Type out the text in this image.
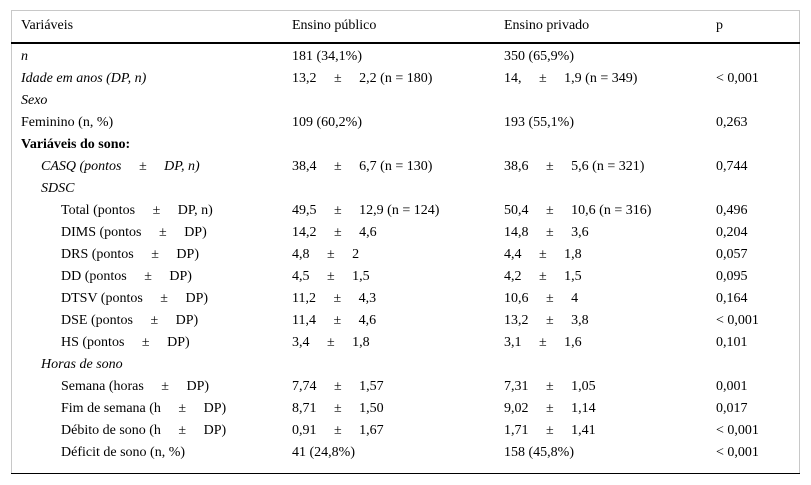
Variáveis	Ensino público	Ensino privado	p
n	181 (34,1%)	350 (65,9%)	
Idade em anos (DP, n)	13,2     ±     2,2 (n = 180)	14,     ±     1,9 (n = 349)	< 0,001
Sexo			
Feminino (n, %)	109 (60,2%)	193 (55,1%)	0,263
Variáveis do sono:			
CASQ (pontos     ±     DP, n)	38,4     ±     6,7 (n = 130)	38,6     ±     5,6 (n = 321)	0,744
SDSC			
Total (pontos     ±     DP, n)	49,5     ±     12,9 (n = 124)	50,4     ±     10,6 (n = 316)	0,496
DIMS (pontos     ±     DP)	14,2     ±     4,6	14,8     ±     3,6	0,204
DRS (pontos     ±     DP)	4,8     ±     2	4,4     ±     1,8	0,057
DD (pontos     ±     DP)	4,5     ±     1,5	4,2     ±     1,5	0,095
DTSV (pontos     ±     DP)	11,2     ±     4,3	10,6     ±     4	0,164
DSE (pontos     ±     DP)	11,4     ±     4,6	13,2     ±     3,8	< 0,001
HS (pontos     ±     DP)	3,4     ±     1,8	3,1     ±     1,6	0,101
Horas de sono			
Semana (horas     ±     DP)	7,74     ±     1,57	7,31     ±     1,05	0,001
Fim de semana (h     ±     DP)	8,71     ±     1,50	9,02     ±     1,14	0,017
Débito de sono (h     ±     DP)	0,91     ±     1,67	1,71     ±     1,41	< 0,001
Déficit de sono (n, %)	41 (24,8%)	158 (45,8%)	< 0,001
